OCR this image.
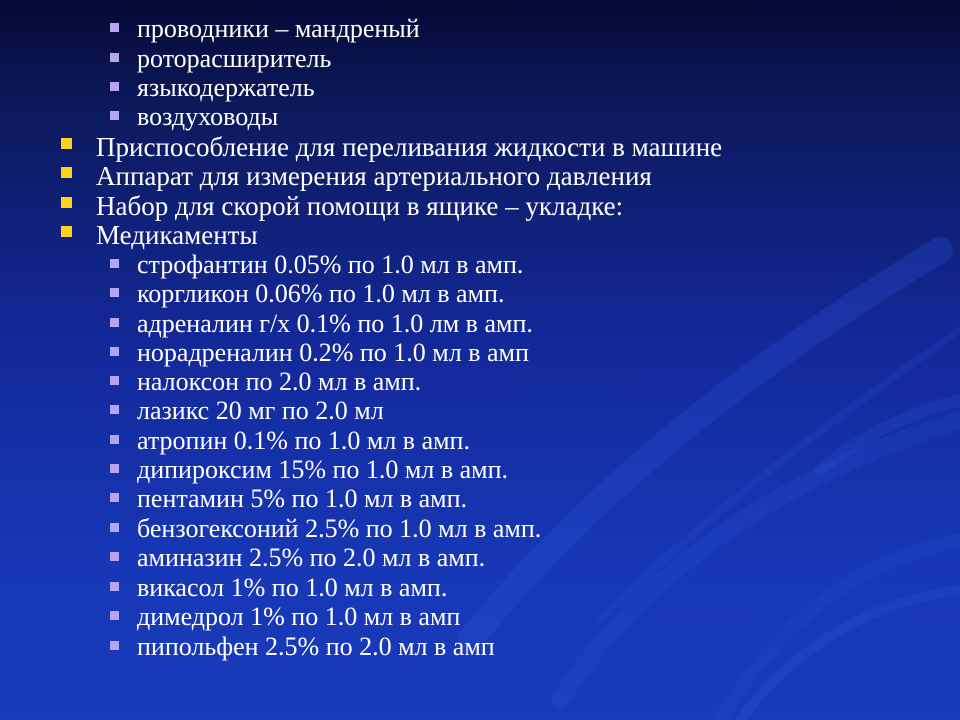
проводники – мандреный
роторасширитель
языкодержатель
воздуховоды
Приспособление для переливания жидкости в машине
Аппарат для измерения артериального давления
Набор для скорой помощи в ящике – укладке:
Медикаменты
строфантин 0.05% по 1.0 мл в амп.
коргликон 0.06% по 1.0 мл в амп.
адреналин г/х 0.1% по 1.0 лм в амп.
норадреналин 0.2% по 1.0 мл в амп
налоксон по 2.0 мл в амп.
лазикс 20 мг по 2.0 мл
атропин 0.1% по 1.0 мл в амп.
дипироксим 15% по 1.0 мл в амп.
пентамин 5% по 1.0 мл в амп.
бензогексоний 2.5% по 1.0 мл в амп.
аминазин 2.5% по 2.0 мл в амп.
викасол 1% по 1.0 мл в амп.
димедрол 1% по 1.0 мл в амп
пипольфен 2.5% по 2.0 мл в амп
